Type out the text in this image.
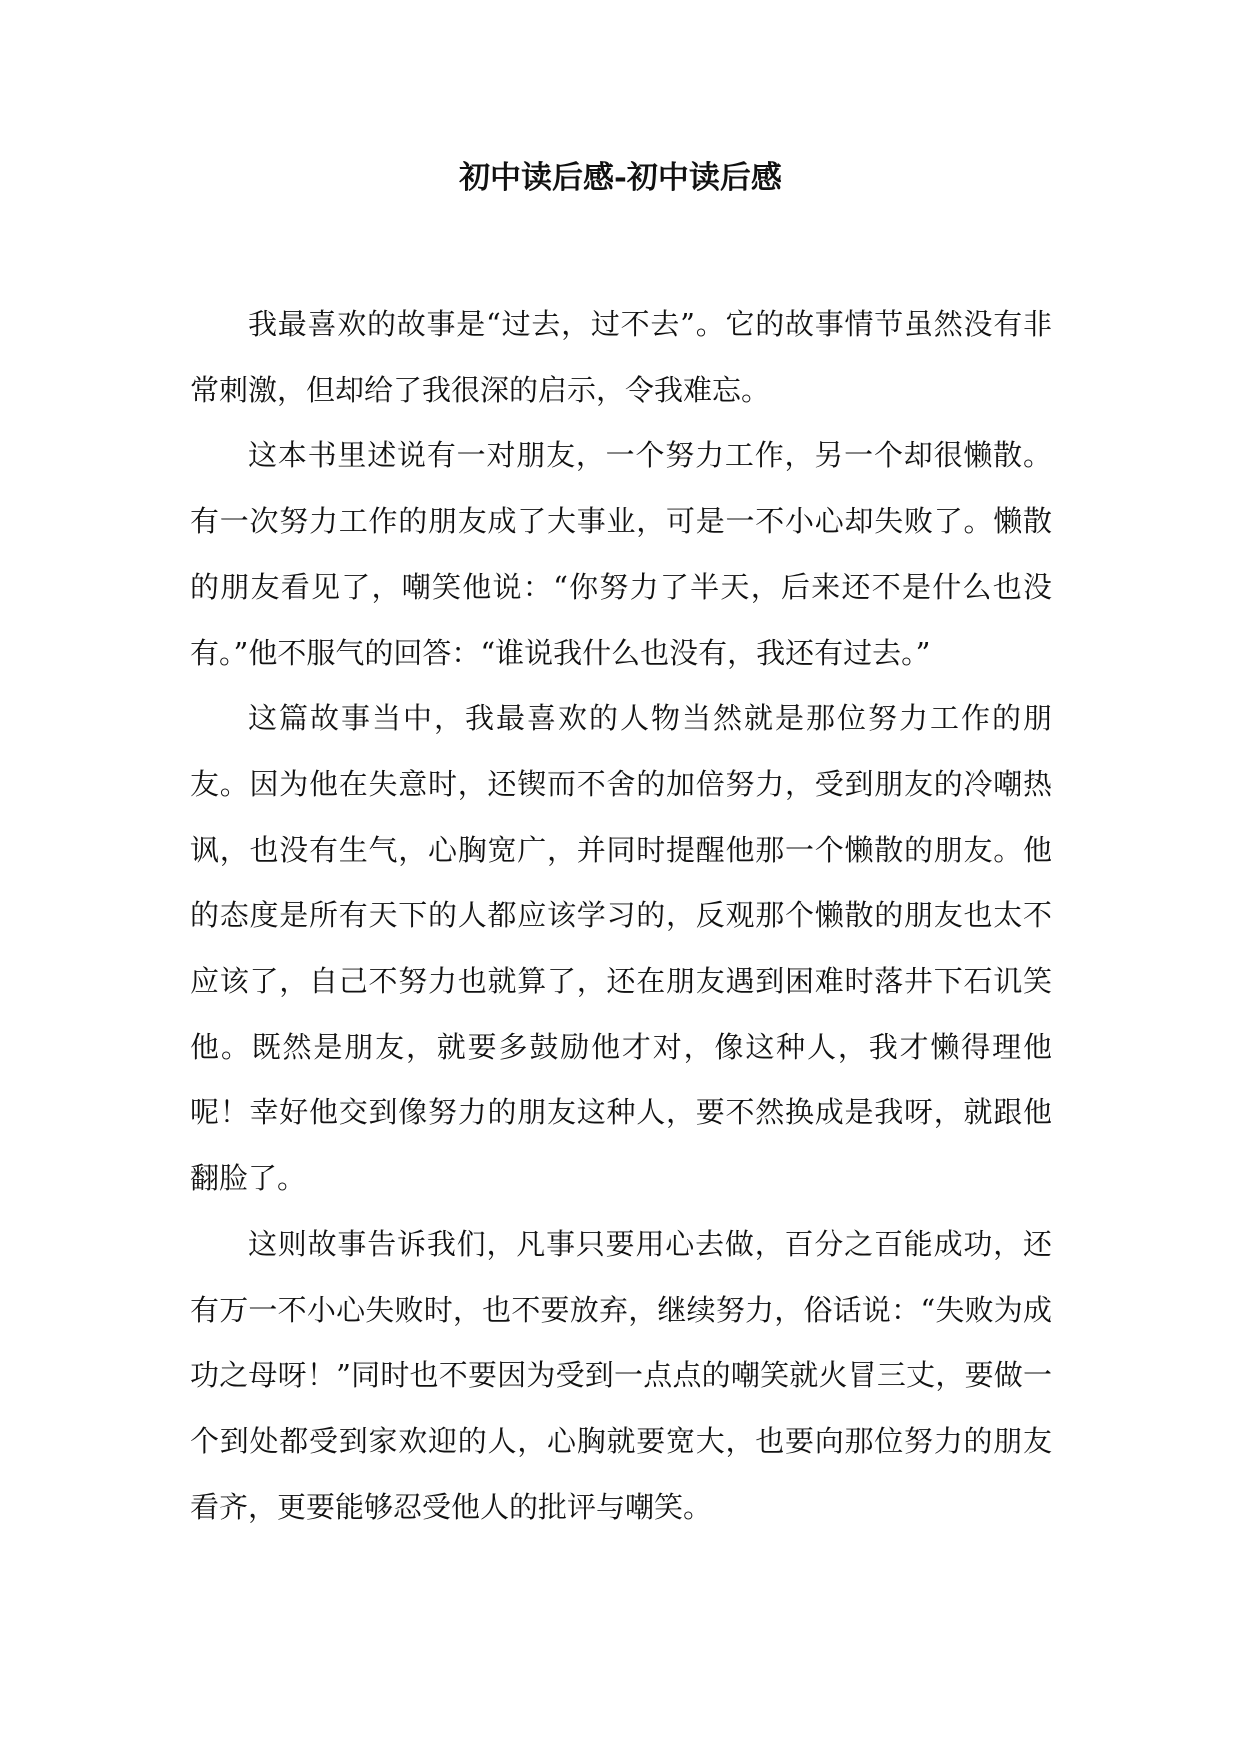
初中读后感-初中读后感

我最喜欢的故事是“过去，过不去”。它的故事情节虽然没有非常刺激，但却给了我很深的启示，令我难忘。

这本书里述说有一对朋友，一个努力工作，另一个却很懒散。有一次努力工作的朋友成了大事业，可是一不小心却失败了。懒散的朋友看见了，嘲笑他说：“你努力了半天，后来还不是什么也没有。”他不服气的回答：“谁说我什么也没有，我还有过去。”

这篇故事当中，我最喜欢的人物当然就是那位努力工作的朋友。因为他在失意时，还锲而不舍的加倍努力，受到朋友的冷嘲热讽，也没有生气，心胸宽广，并同时提醒他那一个懒散的朋友。他的态度是所有天下的人都应该学习的，反观那个懒散的朋友也太不应该了，自己不努力也就算了，还在朋友遇到困难时落井下石讥笑 他。既然是朋友，就要多鼓励他才对，像这种人，我才懒得理他呢！幸好他交到像努力的朋友这种人，要不然换成是我呀，就跟他翻脸了。

这则故事告诉我们，凡事只要用心去做，百分之百能成功，还有万一不小心失败时，也不要放弃，继续努力，俗话说：“失败为成功之母呀！”同时也不要因为受到一点点的嘲笑就火冒三丈，要做一个到处都受到家欢迎的人，心胸就要宽大，也要向那位努力的朋友看齐，更要能够忍受他人的批评与嘲笑。
